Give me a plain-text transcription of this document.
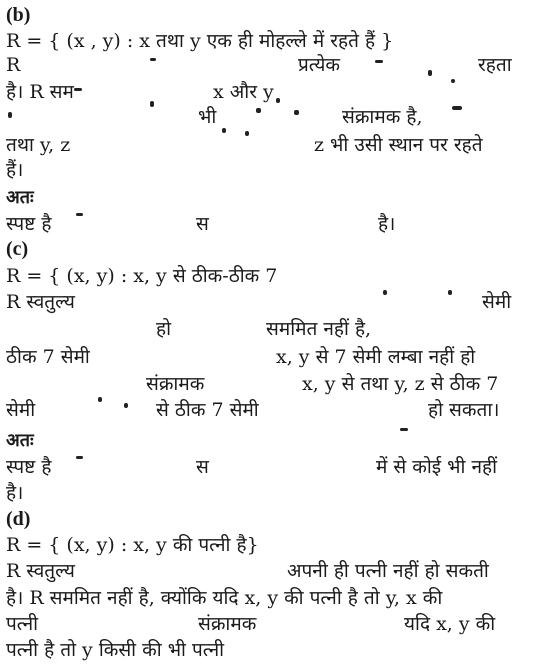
(b)
R = { (x , y) : x तथा y एक ही मोहल्ले में रहते हैं }
R	प्रत्येक	रहता
है। R सम	x और y
भी	संक्रामक है,
तथा y, z	z भी उसी स्थान पर रहते
हैं।
अतः
स्पष्ट है	स	है।
(c)
R = { (x, y) : x, y से ठीक-ठीक 7
R स्वतुल्य	सेमी
हो	सममित नहीं है,
ठीक 7 सेमी	x, y से 7 सेमी लम्बा नहीं हो
संक्रामक	x, y से तथा y, z से ठीक 7
सेमी	से ठीक 7 सेमी	हो सकता।
अतः
स्पष्ट है	स	में से कोई भी नहीं
है।
(d)
R = { (x, y) : x, y की पत्नी है}
R स्वतुल्य	अपनी ही पत्नी नहीं हो सकती
है। R सममित नहीं है, क्योंकि यदि x, y की पत्नी है तो y, x की
पत्नी	संक्रामक	यदि x, y की
पत्नी है तो y किसी की भी पत्नी
